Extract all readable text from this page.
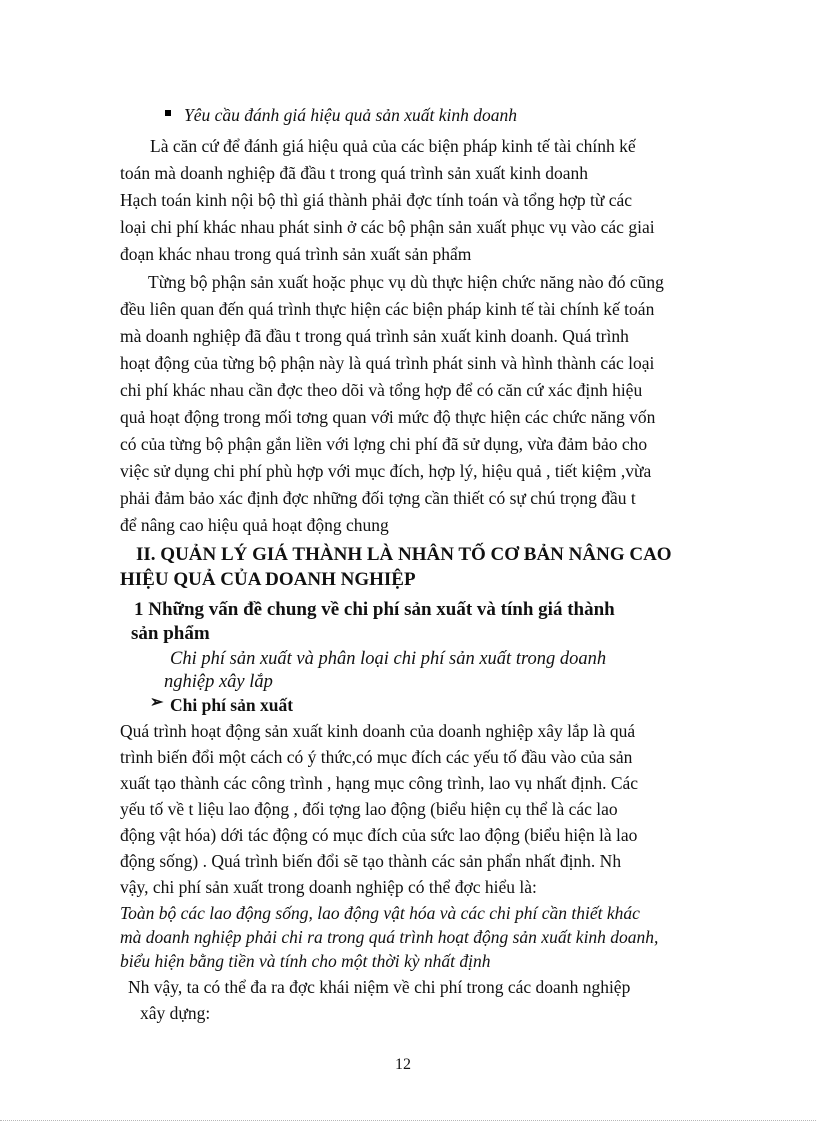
Yêu cầu đánh giá hiệu quả sản xuất kinh doanh
Là căn cứ để đánh giá hiệu quả của các biện pháp kinh tế tài chính kế
toán mà doanh nghiệp đã đầu t trong quá trình sản xuất kinh doanh
Hạch toán kinh nội bộ thì giá thành phải đợc tính toán và tổng hợp từ các
loại chi phí khác nhau phát sinh ở các bộ phận sản xuất phục vụ vào các giai
đoạn khác nhau trong quá trình sản xuất sản phẩm
Từng bộ phận sản xuất hoặc phục vụ dù thực hiện chức năng nào đó cũng
đều liên quan đến quá trình thực hiện các biện pháp kinh tế tài chính kế toán
mà doanh nghiệp đã đầu t trong quá trình sản xuất kinh doanh. Quá trình
hoạt động của từng bộ phận này là quá trình phát sinh và hình thành các loại
chi phí khác nhau cần đợc theo dõi và tổng hợp để có căn cứ xác định hiệu
quả hoạt động trong mối tơng quan với mức độ thực hiện các chức năng vốn
có của từng bộ phận gắn liền với lợng chi phí đã sử dụng, vừa đảm bảo cho
việc sử dụng chi phí phù hợp với mục đích, hợp lý, hiệu quả , tiết kiệm ,vừa
phải đảm bảo xác định đợc những đối tợng cần thiết có sự chú trọng đầu t
để nâng cao hiệu quả hoạt động chung
II. QUẢN LÝ GIÁ THÀNH LÀ NHÂN TỐ CƠ BẢN NÂNG CAO
HIỆU QUẢ CỦA DOANH NGHIỆP
1 Những vấn đề chung về chi phí sản xuất và tính giá thành
sản phẩm
Chi phí sản xuất và phân loại chi phí sản xuất trong doanh
nghiệp xây lắp
➢ Chi phí sản xuất
Quá trình hoạt động sản xuất kinh doanh của doanh nghiệp xây lắp là quá
trình biến đổi một cách có ý thức,có mục đích các yếu tố đầu vào của sản
xuất tạo thành các công trình , hạng mục công trình, lao vụ nhất định. Các
yếu tố về t liệu lao động , đối tợng lao động (biểu hiện cụ thể là các lao
động vật hóa) dới tác động có mục đích của sức lao động (biểu hiện là lao
động sống) . Quá trình biến đổi sẽ tạo thành các sản phẩn nhất định. Nh
vậy, chi phí sản xuất trong doanh nghiệp có thể đợc hiểu là:
Toàn bộ các lao động sống, lao động vật hóa và các chi phí cần thiết khác
mà doanh nghiệp phải chi ra trong quá trình hoạt động sản xuất kinh doanh,
biểu hiện bằng tiền và tính cho một thời kỳ nhất định
Nh vậy, ta có thể đa ra đợc khái niệm về chi phí trong các doanh nghiệp
xây dựng:
12
